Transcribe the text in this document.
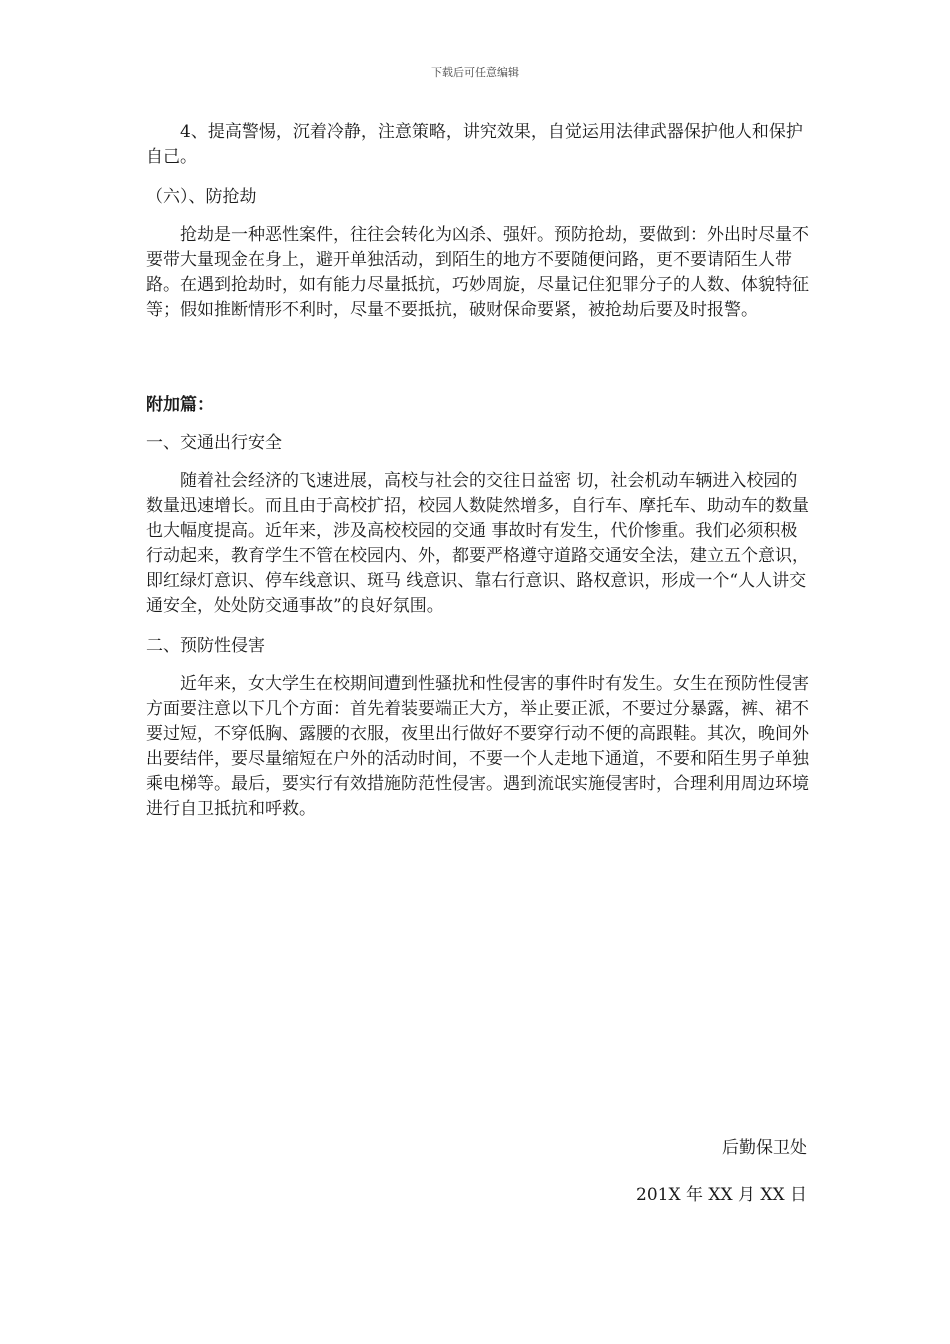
下载后可任意编辑

4、提高警惕，沉着冷静，注意策略，讲究效果，自觉运用法律武器保护他人和保护自己。

（六）、防抢劫

抢劫是一种恶性案件，往往会转化为凶杀、强奸。预防抢劫，要做到：外出时尽量不要带大量现金在身上，避开单独活动，到陌生的地方不要随便问路，更不要请陌生人带路。在遇到抢劫时，如有能力尽量抵抗，巧妙周旋，尽量记住犯罪分子的人数、体貌特征等；假如推断情形不利时，尽量不要抵抗，破财保命要紧，被抢劫后要及时报警。

附加篇：

一、交通出行安全

随着社会经济的飞速进展，高校与社会的交往日益密 切，社会机动车辆进入校园的数量迅速增长。而且由于高校扩招，校园人数陡然增多，自行车、摩托车、助动车的数量也大幅度提高。近年来，涉及高校校园的交通 事故时有发生，代价惨重。我们必须积极行动起来，教育学生不管在校园内、外，都要严格遵守道路交通安全法，建立五个意识，即红绿灯意识、停车线意识、斑马 线意识、靠右行意识、路权意识，形成一个“人人讲交通安全，处处防交通事故”的良好氛围。

二、预防性侵害

近年来，女大学生在校期间遭到性骚扰和性侵害的事件时有发生。女生在预防性侵害方面要注意以下几个方面：首先着装要端正大方，举止要正派，不要过分暴露，裤、裙不要过短，不穿低胸、露腰的衣服，夜里出行做好不要穿行动不便的高跟鞋。其次，晚间外出要结伴，要尽量缩短在户外的活动时间，不要一个人走地下通道，不要和陌生男子单独乘电梯等。最后，要实行有效措施防范性侵害。遇到流氓实施侵害时，合理利用周边环境进行自卫抵抗和呼救。

后勤保卫处
201X 年 XX 月 XX 日
